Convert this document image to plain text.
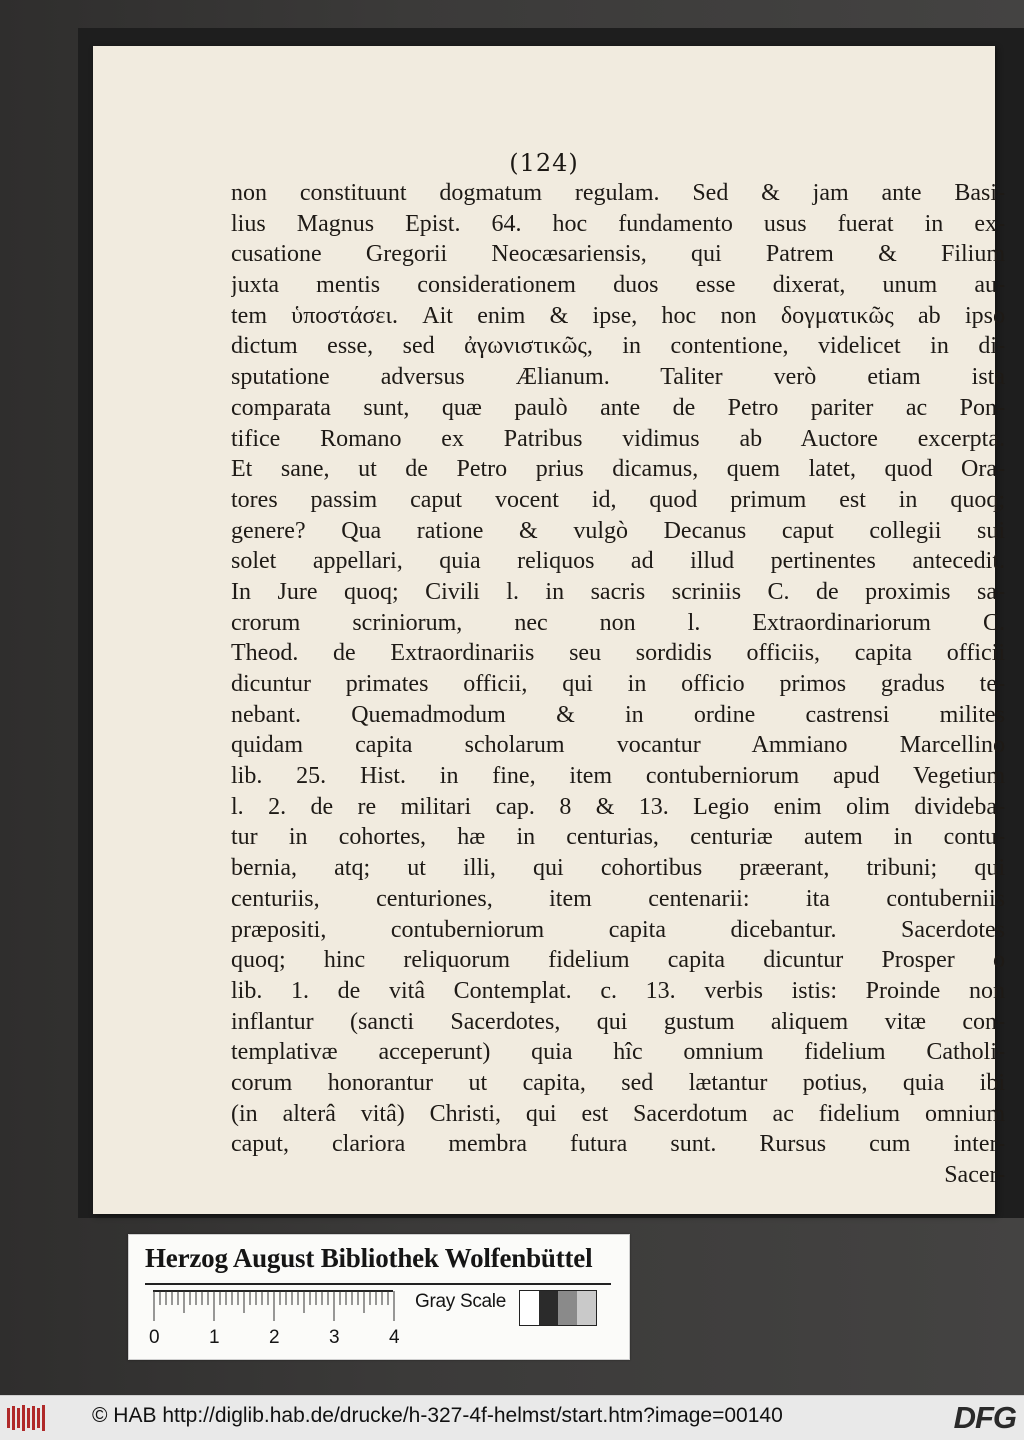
(124)
non constituunt dogmatum regulam. Sed & jam ante Basi-
lius Magnus Epist. 64. hoc fundamento usus fuerat in ex-
cusatione Gregorii Neocæsariensis, qui Patrem & Filium
juxta mentis considerationem duos esse dixerat, unum au-
tem ὑποστάσει. Ait enim & ipse, hoc non δογματικῶς ab ipso
dictum esse, sed ἀγωνιστικῶς, in contentione, videlicet in di-
sputatione adversus Ælianum. Taliter verò etiam ista
comparata sunt, quæ paulò ante de Petro pariter ac Pon-
tifice Romano ex Patribus vidimus ab Auctore excerpta.
Et sane, ut de Petro prius dicamus, quem latet, quod Ora-
tores passim caput vocent id, quod primum est in quoq;
genere? Qua ratione & vulgò Decanus caput collegii sui
solet appellari, quia reliquos ad illud pertinentes antecedit.
In Jure quoq; Civili l. in sacris scriniis C. de proximis sa-
crorum scriniorum, nec non l. Extraordinariorum C.
Theod. de Extraordinariis seu sordidis officiis, capita officii
dicuntur primates officii, qui in officio primos gradus te-
nebant. Quemadmodum & in ordine castrensi milites
quidam capita scholarum vocantur Ammiano Marcellino
lib. 25. Hist. in fine, item contuberniorum apud Vegetium
l. 2. de re militari cap. 8 & 13. Legio enim olim divideba-
tur in cohortes, hæ in centurias, centuriæ autem in contu-
bernia, atq; ut illi, qui cohortibus præerant, tribuni; qui
centuriis, centuriones, item centenarii: ita contuberniis
præpositi, contuberniorum capita dicebantur. Sacerdotes
quoq; hinc reliquorum fidelium capita dicuntur Prosper o
lib. 1. de vitâ Contemplat. c. 13. verbis istis: Proinde non
inflantur (sancti Sacerdotes, qui gustum aliquem vitæ con-
templativæ acceperunt) quia hîc omnium fidelium Catholi-
corum honorantur ut capita, sed lætantur potius, quia ibi
(in alterâ vitâ) Christi, qui est Sacerdotum ac fidelium omnium
caput, clariora membra futura sunt. Rursus cum inter-
Sacer-
Herzog August Bibliothek Wolfenbüttel
0	1	2	3	4
Gray Scale
© HAB http://diglib.hab.de/drucke/h-327-4f-helmst/start.htm?image=00140	DFG
